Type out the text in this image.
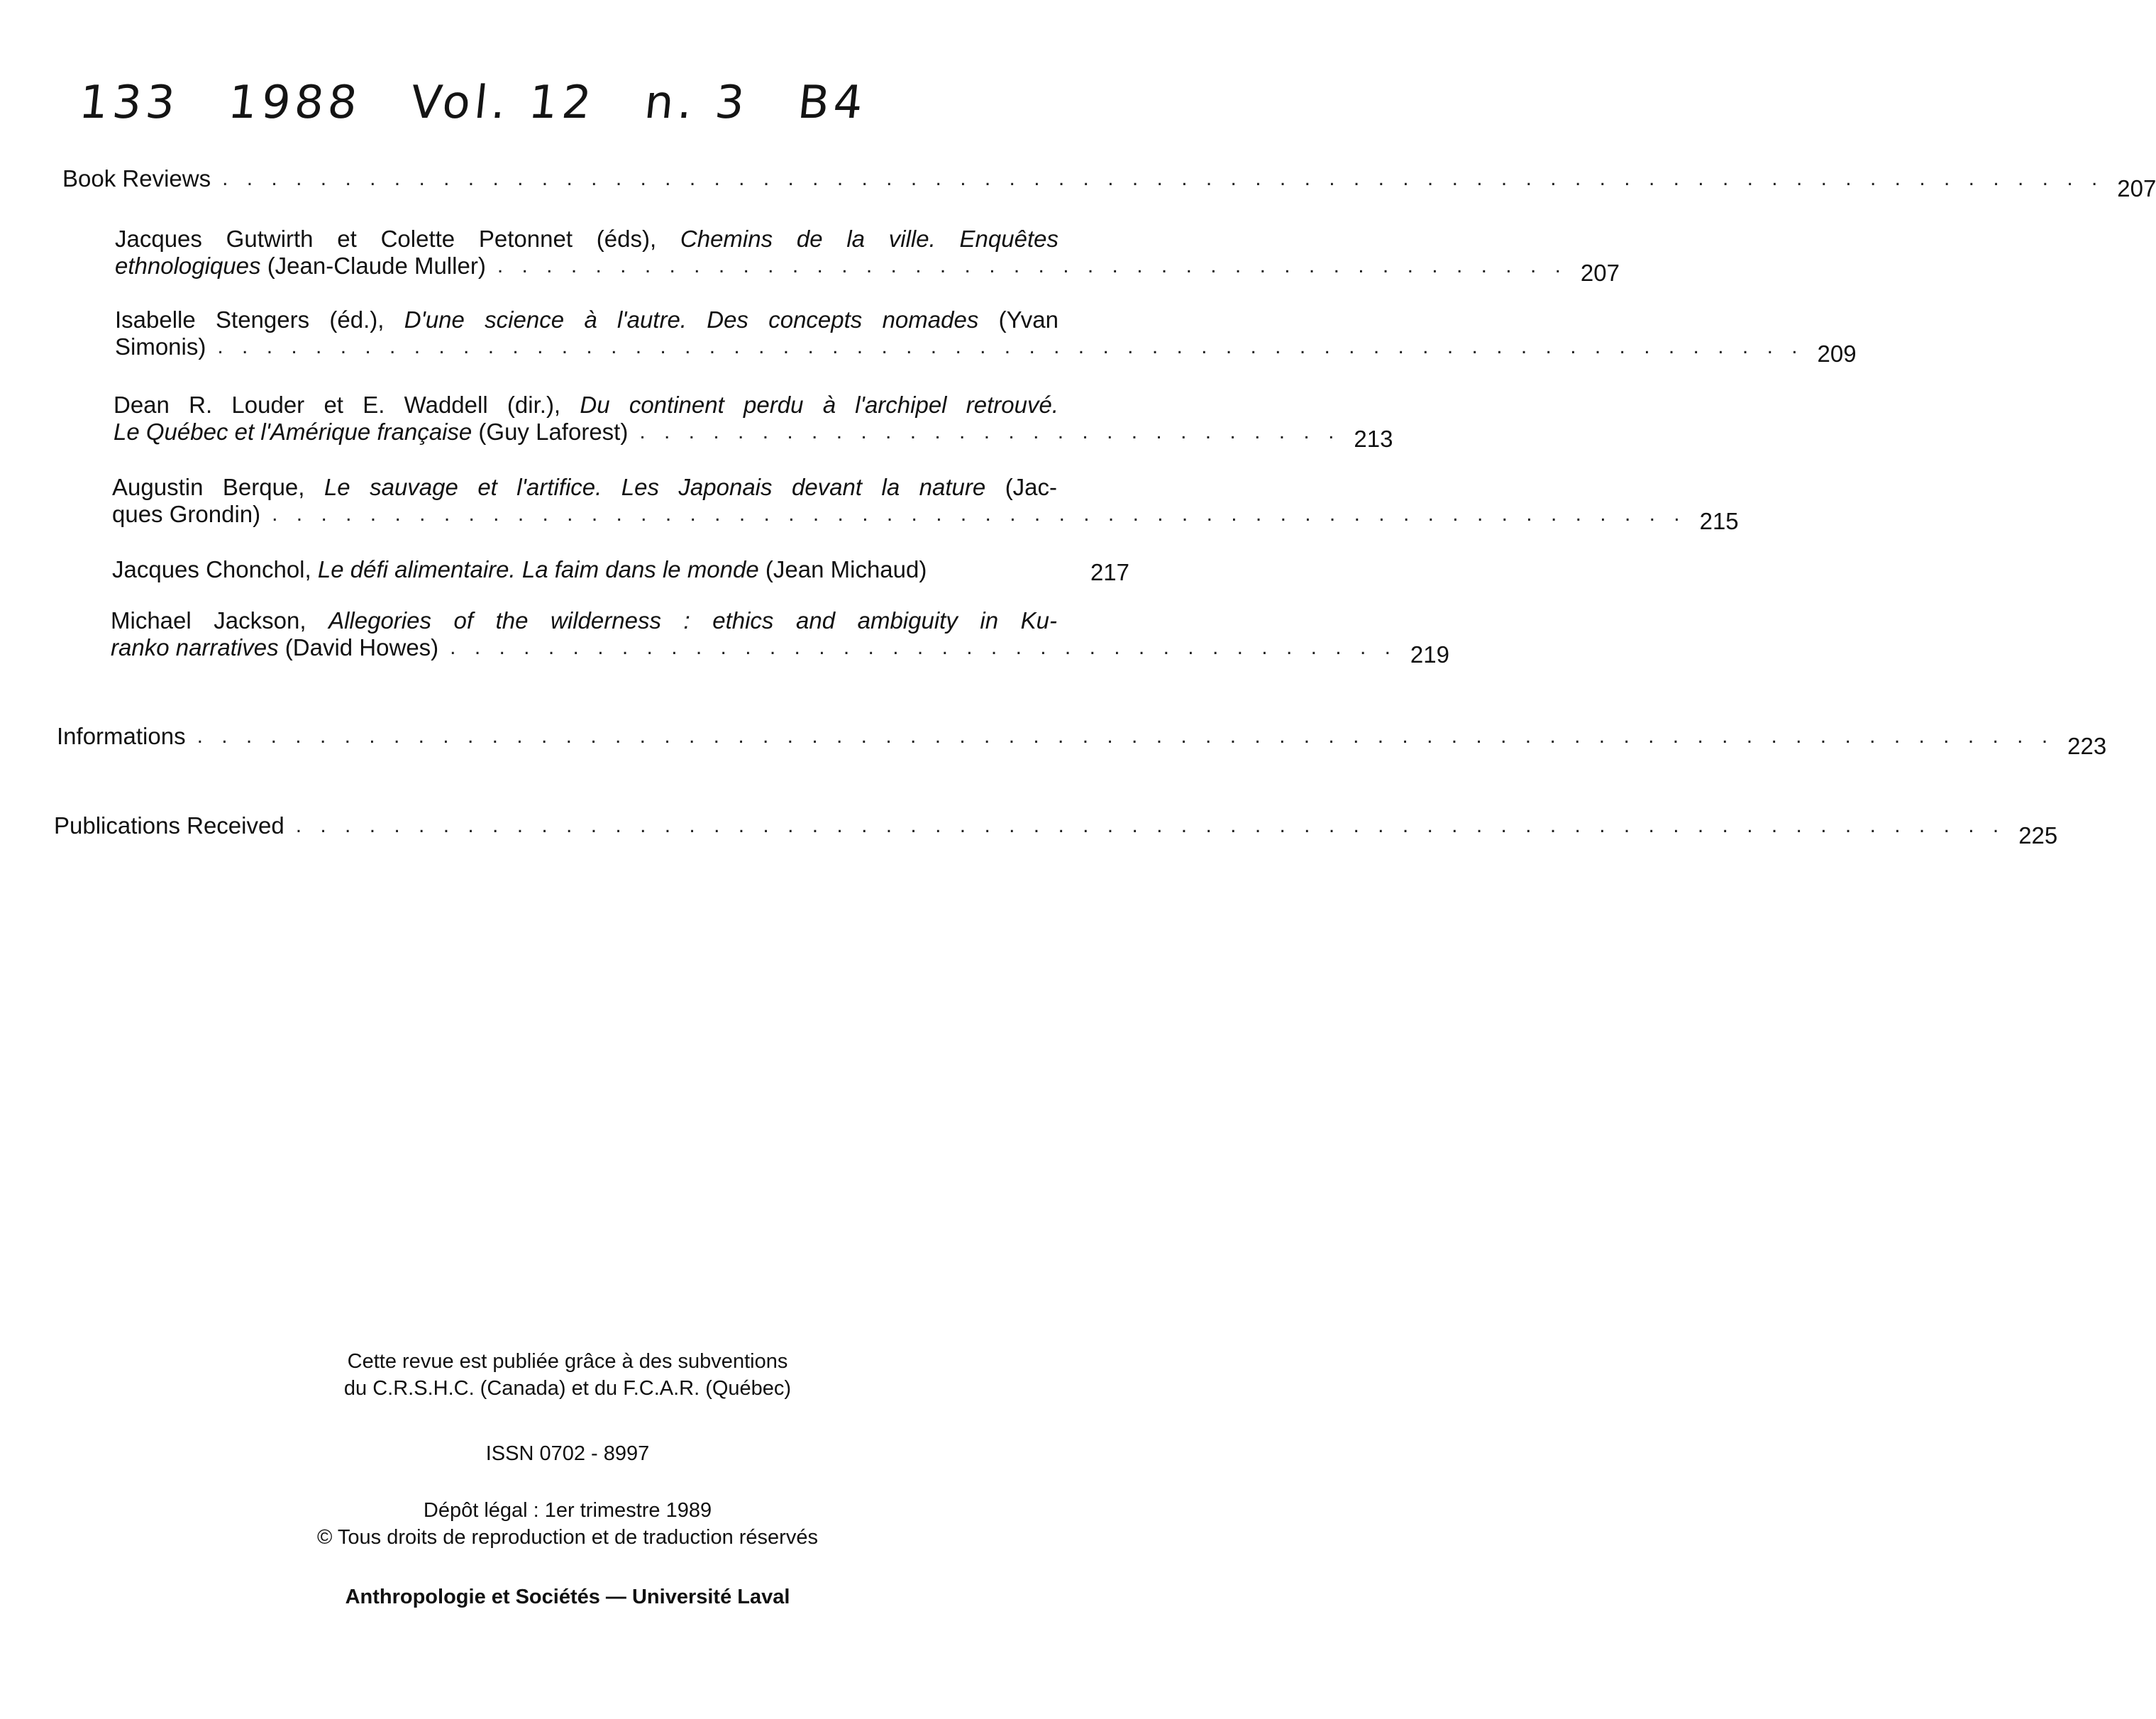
133 1988 Vol. 12 n. 3 B4
Book Reviews . . . . . . . . . . . . . . . . . . . . . . . . . . . . . . . . . . . . . . . . . . . . . . . . . . . . . . . . . . . . . . . . . . . . . . . . . . . . . 207
Jacques Gutwirth et Colette Petonnet (éds), Chemins de la ville. Enquêtes
ethnologiques (Jean-Claude Muller) . . . . . . . . . . . . . . . . . . . . . . . . . . . . . . . . . . . . . . . . . . . . 207
Isabelle Stengers (éd.), D'une science à l'autre. Des concepts nomades (Yvan
Simonis) . . . . . . . . . . . . . . . . . . . . . . . . . . . . . . . . . . . . . . . . . . . . . . . . . . . . . . . . . . . . . . . . . 209
Dean R. Louder et E. Waddell (dir.), Du continent perdu à l'archipel retrouvé.
Le Québec et l'Amérique française (Guy Laforest) . . . . . . . . . . . . . . . . . . . . . . . . . . . . . 213
Augustin Berque, Le sauvage et l'artifice. Les Japonais devant la nature (Jac-
ques Grondin) . . . . . . . . . . . . . . . . . . . . . . . . . . . . . . . . . . . . . . . . . . . . . . . . . . . . . . . . . . 215
Jacques Chonchol, Le défi alimentaire. La faim dans le monde (Jean Michaud)	217
Michael Jackson, Allegories of the wilderness : ethics and ambiguity in Ku-
ranko narratives (David Howes) . . . . . . . . . . . . . . . . . . . . . . . . . . . . . . . . . . . . . . . 219
Informations . . . . . . . . . . . . . . . . . . . . . . . . . . . . . . . . . . . . . . . . . . . . . . . . . . . . . . . . . . . . . . . . . . . . . . . . . . . . 223
Publications Received . . . . . . . . . . . . . . . . . . . . . . . . . . . . . . . . . . . . . . . . . . . . . . . . . . . . . . . . . . . . . . . . . . . . . . 225

Cette revue est publiée grâce à des subventions

du C.R.S.H.C. (Canada) et du F.C.A.R. (Québec)

ISSN 0702 - 8997

Dépôt légal : 1er trimestre 1989

© Tous droits de reproduction et de traduction réservés

Anthropologie et Sociétés — Université Laval
